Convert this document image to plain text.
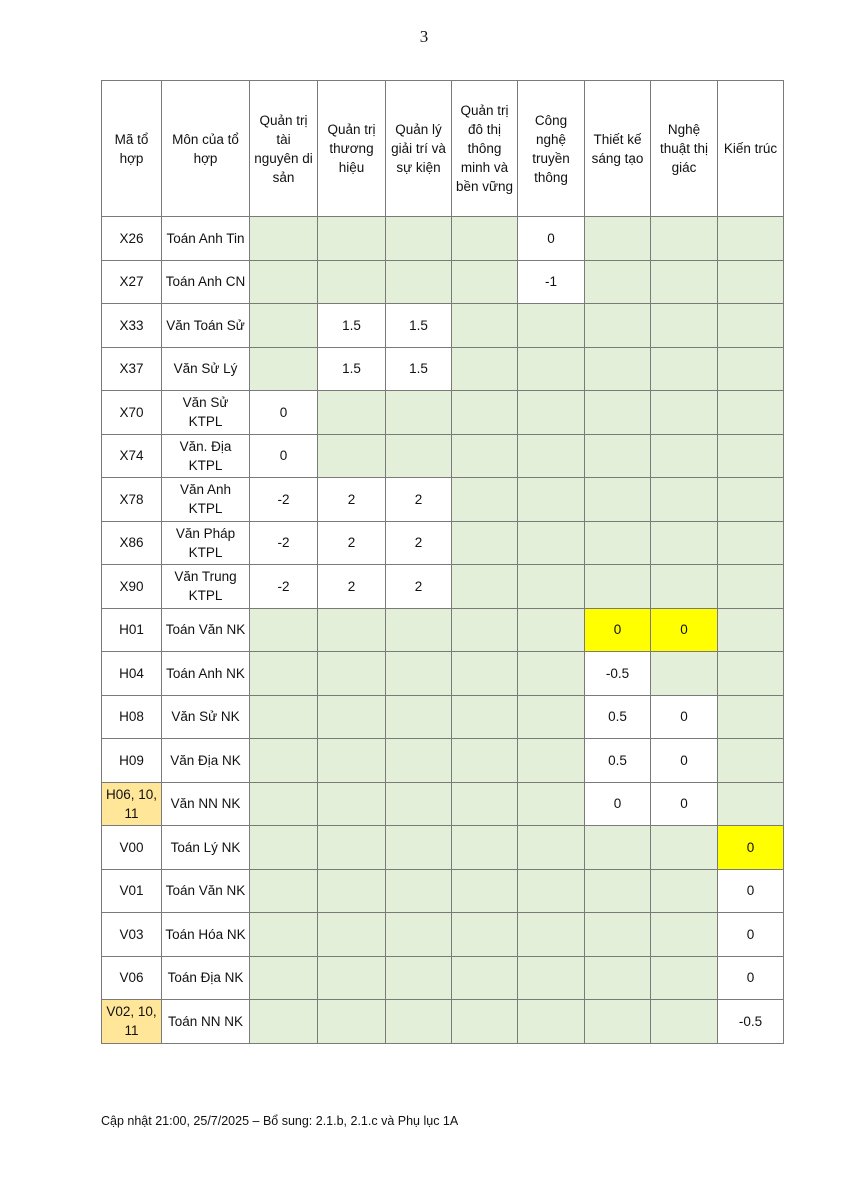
3
Mã tổ hợp	Môn của tổ hợp	Quản trị tài nguyên di sản	Quản trị thương hiệu	Quản lý giải trí và sự kiện	Quản trị đô thị thông minh và bền vững	Công nghệ truyền thông	Thiết kế sáng tạo	Nghệ thuật thị giác	Kiến trúc
X26	Toán Anh Tin					0			
X27	Toán Anh CN					-1			
X33	Văn Toán Sử		1.5	1.5					
X37	Văn Sử Lý		1.5	1.5					
X70	Văn Sử KTPL	0							
X74	Văn. Địa KTPL	0							
X78	Văn Anh KTPL	-2	2	2					
X86	Văn Pháp KTPL	-2	2	2					
X90	Văn Trung KTPL	-2	2	2					
H01	Toán Văn NK						0	0	
H04	Toán Anh NK						-0.5		
H08	Văn Sử NK						0.5	0	
H09	Văn Địa NK						0.5	0	
H06, 10, 11	Văn NN NK						0	0	
V00	Toán Lý NK								0
V01	Toán Văn NK								0
V03	Toán Hóa NK								0
V06	Toán Địa NK								0
V02, 10, 11	Toán NN NK								-0.5
Cập nhật 21:00, 25/7/2025 – Bổ sung: 2.1.b, 2.1.c và Phụ lục 1A
